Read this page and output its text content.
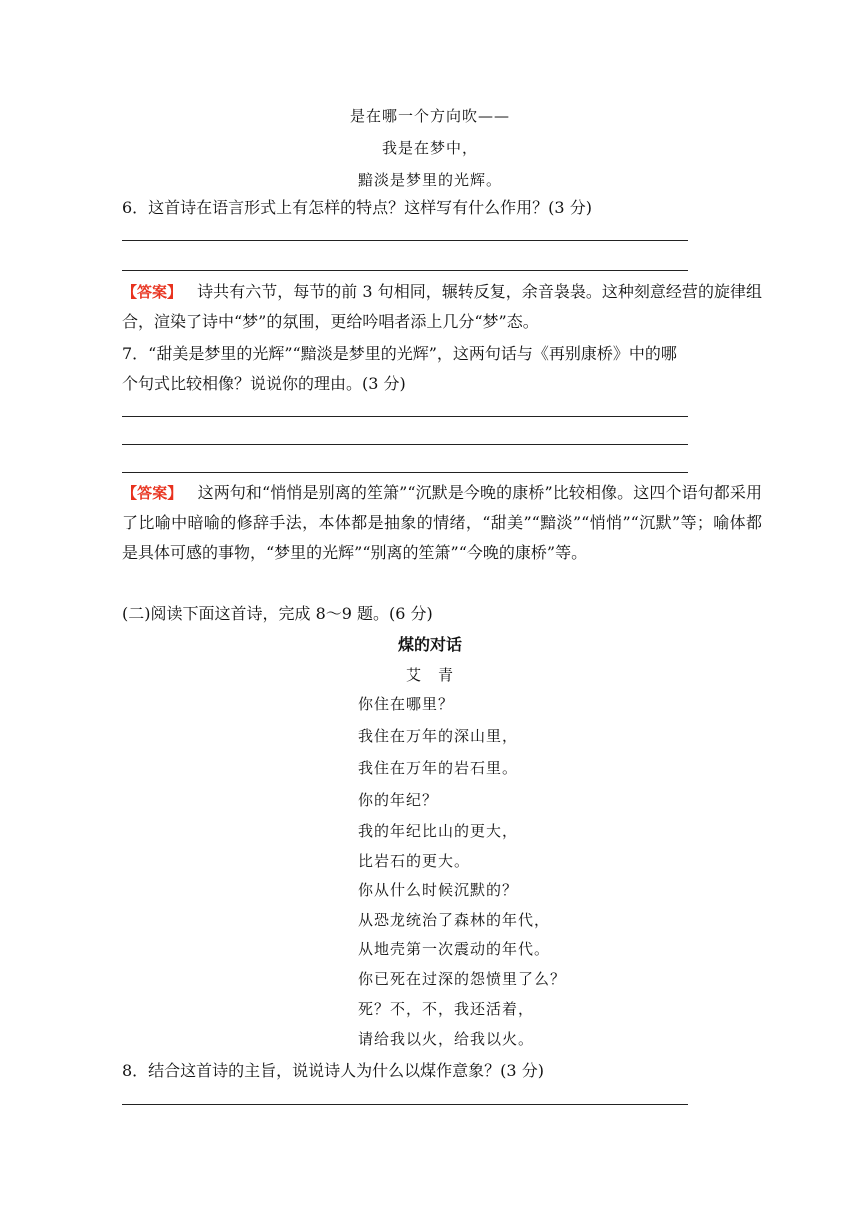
是在哪一个方向吹——
我是在梦中，
黯淡是梦里的光辉。
6．这首诗在语言形式上有怎样的特点？这样写有什么作用？(3 分)
【答案】 诗共有六节，每节的前 3 句相同，辗转反复，余音袅袅。这种刻意经营的旋律组合，渲染了诗中“梦”的氛围，更给吟唱者添上几分“梦”态。
7．“甜美是梦里的光辉”“黯淡是梦里的光辉”，这两句话与《再别康桥》中的哪
个句式比较相像？说说你的理由。(3 分)
【答案】 这两句和“悄悄是别离的笙箫”“沉默是今晚的康桥”比较相像。这四个语句都采用了比喻中暗喻的修辞手法，本体都是抽象的情绪，“甜美”“黯淡”“悄悄”“沉默”等；喻体都是具体可感的事物，“梦里的光辉”“别离的笙箫”“今晚的康桥”等。
(二)阅读下面这首诗，完成 8～9 题。(6 分)
煤的对话
艾　青
你住在哪里？
我住在万年的深山里，
我住在万年的岩石里。
你的年纪？
我的年纪比山的更大，
比岩石的更大。
你从什么时候沉默的？
从恐龙统治了森林的年代，
从地壳第一次震动的年代。
你已死在过深的怨愤里了么？
死？不，不，我还活着，
请给我以火，给我以火。
8．结合这首诗的主旨，说说诗人为什么以煤作意象？(3 分)
